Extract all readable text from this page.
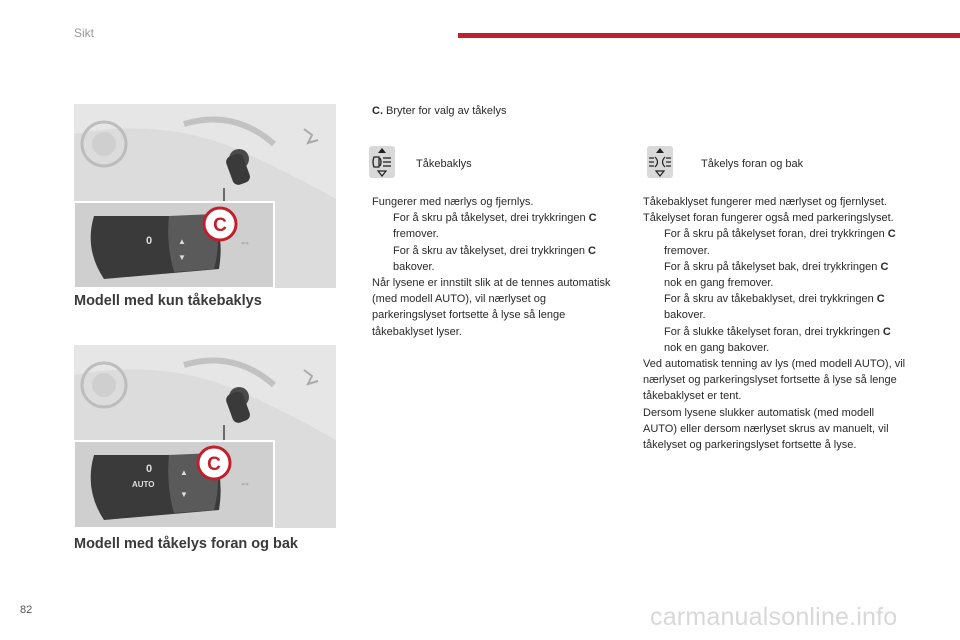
Sikt
0	▲
▼
⇔
C
Modell med kun tåkebaklys
0
AUTO
▲
▼
⇔
C
Modell med tåkelys foran og bak
C. Bryter for valg av tåkelys
Tåkebaklys	Tåkelys foran og bak

Fungerer med nærlys og fjernlys.

For å skru på tåkelyset, drei trykkringen C fremover.

For å skru av tåkelyset, drei trykkringen C bakover.

Når lysene er innstilt slik at de tennes automatisk (med modell AUTO), vil nærlyset og parkeringslyset fortsette å lyse så lenge tåkebaklyset lyser.

Tåkebaklyset fungerer med nærlyset og fjernlyset.

Tåkelyset foran fungerer også med parkeringslyset.

For å skru på tåkelyset foran, drei trykkringen C fremover.

For å skru på tåkelyset bak, drei trykkringen C nok en gang fremover.

For å skru av tåkebaklyset, drei trykkringen C bakover.

For å slukke tåkelyset foran, drei trykkringen C nok en gang bakover.

Ved automatisk tenning av lys (med modell AUTO), vil nærlyset og parkeringslyset fortsette å lyse så lenge tåkebaklyset er tent.

Dersom lysene slukker automatisk (med modell AUTO) eller dersom nærlyset skrus av manuelt, vil tåkelyset og parkeringslyset fortsette å lyse.

82	carmanualsonline.info
